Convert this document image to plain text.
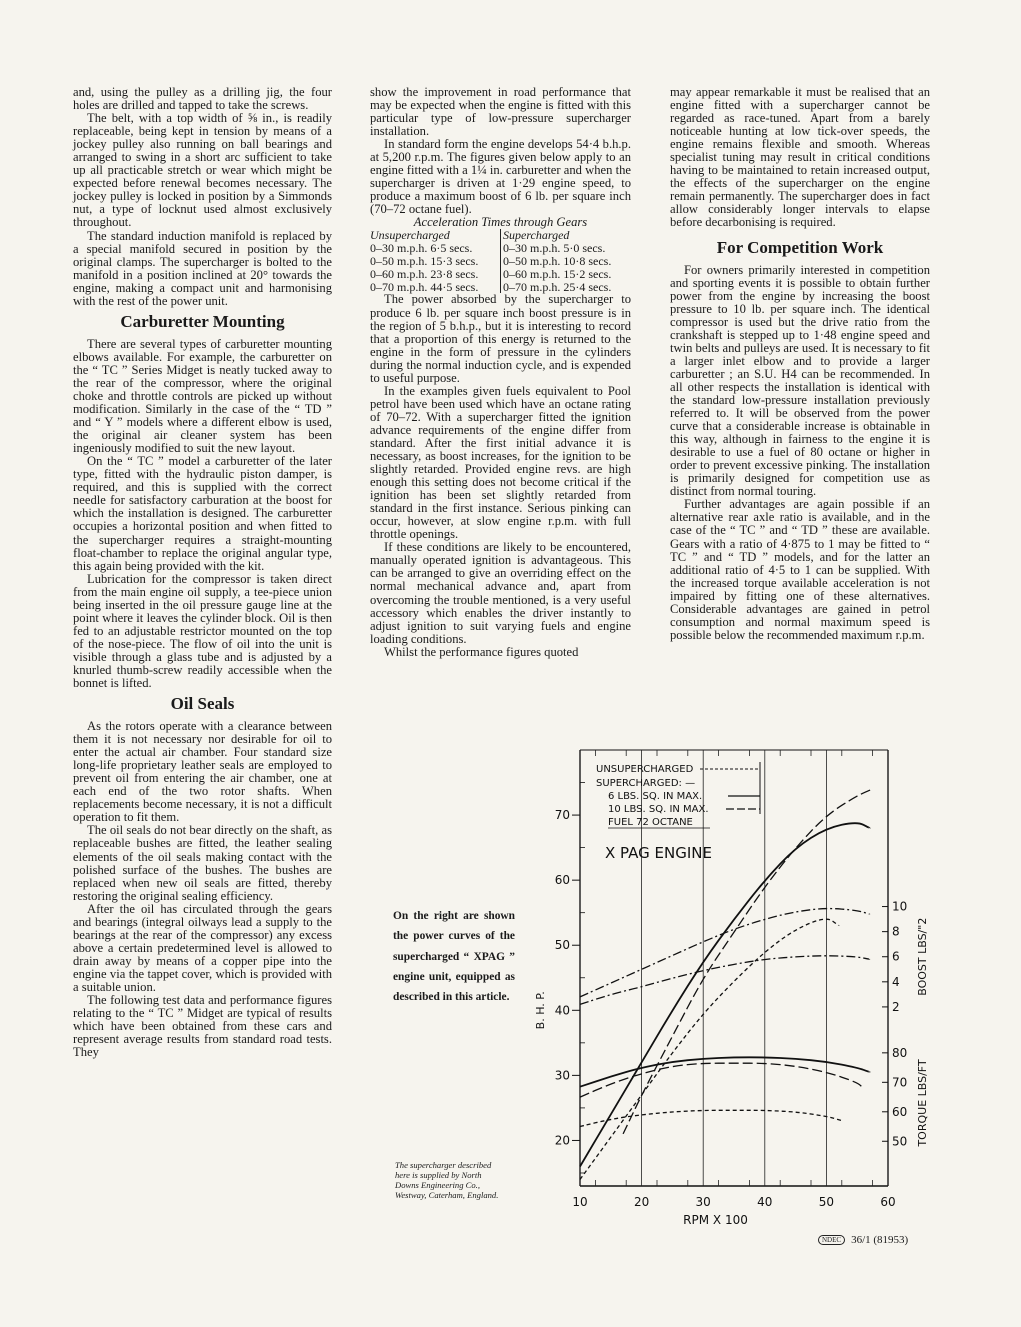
and, using the pulley as a drilling jig, the four holes are drilled and tapped to take the screws.

The belt, with a top width of ⅝ in., is readily replaceable, being kept in tension by means of a jockey pulley also running on ball bearings and arranged to swing in a short arc sufficient to take up all practicable stretch or wear which might be expected before renewal becomes necessary. The jockey pulley is locked in position by a Simmonds nut, a type of locknut used almost exclusively throughout.

The standard induction manifold is replaced by a special manifold secured in position by the original clamps. The supercharger is bolted to the manifold in a position inclined at 20° towards the engine, making a compact unit and harmonising with the rest of the power unit.

Carburetter Mounting

There are several types of carburetter mounting elbows available. For example, the carburetter on the “ TC ” Series Midget is neatly tucked away to the rear of the compressor, where the original choke and throttle controls are picked up without modification. Similarly in the case of the “ TD ” and “ Y ” models where a different elbow is used, the original air cleaner system has been ingeniously modified to suit the new layout.

On the “ TC ” model a carburetter of the later type, fitted with the hydraulic piston damper, is required, and this is supplied with the correct needle for satisfactory carburation at the boost for which the installation is designed. The carburetter occupies a horizontal position and when fitted to the supercharger requires a straight-mounting float-chamber to replace the original angular type, this again being provided with the kit.

Lubrication for the compressor is taken direct from the main engine oil supply, a tee-piece union being inserted in the oil pressure gauge line at the point where it leaves the cylinder block. Oil is then fed to an adjustable restrictor mounted on the top of the nose-piece. The flow of oil into the unit is visible through a glass tube and is adjusted by a knurled thumb-screw readily accessible when the bonnet is lifted.

Oil Seals

As the rotors operate with a clearance between them it is not necessary nor desirable for oil to enter the actual air chamber. Four standard size long-life proprietary leather seals are employed to prevent oil from entering the air chamber, one at each end of the two rotor shafts. When replacements become necessary, it is not a difficult operation to fit them.

The oil seals do not bear directly on the shaft, as replaceable bushes are fitted, the leather sealing elements of the oil seals making contact with the polished surface of the bushes. The bushes are replaced when new oil seals are fitted, thereby restoring the original sealing efficiency.

After the oil has circulated through the gears and bearings (integral oilways lead a supply to the bearings at the rear of the compressor) any excess above a certain predetermined level is allowed to drain away by means of a copper pipe into the engine via the tappet cover, which is provided with a suitable union.

The following test data and performance figures relating to the “ TC ” Midget are typical of results which have been obtained from these cars and represent average results from standard road tests. They

show the improvement in road performance that may be expected when the engine is fitted with this particular type of low-pressure supercharger installation.

In standard form the engine develops 54·4 b.h.p. at 5,200 r.p.m. The figures given below apply to an engine fitted with a 1¼ in. carburetter and when the supercharger is driven at 1·29 engine speed, to produce a maximum boost of 6 lb. per square inch (70–72 octane fuel).

Acceleration Times through Gears
Unsupercharged	Supercharged
0–30 m.p.h. 6·5 secs.	0–30 m.p.h. 5·0 secs.
0–50 m.p.h. 15·3 secs.	0–50 m.p.h. 10·8 secs.
0–60 m.p.h. 23·8 secs.	0–60 m.p.h. 15·2 secs.
0–70 m.p.h. 44·5 secs.	0–70 m.p.h. 25·4 secs.

The power absorbed by the supercharger to produce 6 lb. per square inch boost pressure is in the region of 5 b.h.p., but it is interesting to record that a proportion of this energy is returned to the engine in the form of pressure in the cylinders during the normal induction cycle, and is expended to useful purpose.

In the examples given fuels equivalent to Pool petrol have been used which have an octane rating of 70–72. With a supercharger fitted the ignition advance requirements of the engine differ from standard. After the first initial advance it is necessary, as boost increases, for the ignition to be slightly retarded. Provided engine revs. are high enough this setting does not become critical if the ignition has been set slightly retarded from standard in the first instance. Serious pinking can occur, however, at slow engine r.p.m. with full throttle openings.

If these conditions are likely to be encountered, manually operated ignition is advantageous. This can be arranged to give an overriding effect on the normal mechanical advance and, apart from overcoming the trouble mentioned, is a very useful accessory which enables the driver instantly to adjust ignition to suit varying fuels and engine loading conditions.

Whilst the performance figures quoted

may appear remarkable it must be realised that an engine fitted with a supercharger cannot be regarded as race-tuned. Apart from a barely noticeable hunting at low tick-over speeds, the engine remains flexible and smooth. Whereas specialist tuning may result in critical conditions having to be maintained to retain increased output, the effects of the supercharger on the engine remain permanently. The supercharger does in fact allow considerably longer intervals to elapse before decarbonising is required.

For Competition Work

For owners primarily interested in competition and sporting events it is possible to obtain further power from the engine by increasing the boost pressure to 10 lb. per square inch. The identical compressor is used but the drive ratio from the crankshaft is stepped up to 1·48 engine speed and twin belts and pulleys are used. It is necessary to fit a larger inlet elbow and to provide a larger carburetter ; an S.U. H4 can be recommended. In all other respects the installation is identical with the standard low-pressure installation previously referred to. It will be observed from the power curve that a considerable increase is obtainable in this way, although in fairness to the engine it is desirable to use a fuel of 80 octane or higher in order to prevent excessive pinking. The installation is primarily designed for competition use as distinct from normal touring.

Further advantages are again possible if an alternative rear axle ratio is available, and in the case of the “ TC ” and “ TD ” these are available. Gears with a ratio of 4·875 to 1 may be fitted to “ TC ” and “ TD ” models, and for the latter an additional ratio of 4·5 to 1 can be supplied. With the increased torque available acceleration is not impaired by fitting one of these alternatives. Considerable advantages are gained in petrol consumption and normal maximum speed is possible below the recommended maximum r.p.m.

On the right are shown the power curves of the supercharged “ XPAG ” engine unit, equipped as described in this article.
The supercharger described here is supplied by North Downs Engineering Co., Westway, Caterham, England.
20
30
40
50
60
70
10	20	30	40	50	60
2
4
6
8
10
50
60
70
80
B. H. P.
BOOST LBS/"2
TORQUE LBS/FT
RPM X 100
X PAG ENGINE
UNSUPERCHARGED
SUPERCHARGED: —
6 LBS. SQ. IN MAX.
10 LBS. SQ. IN MAX.
FUEL 72 OCTANE
NDEC 36/1 (81953)
